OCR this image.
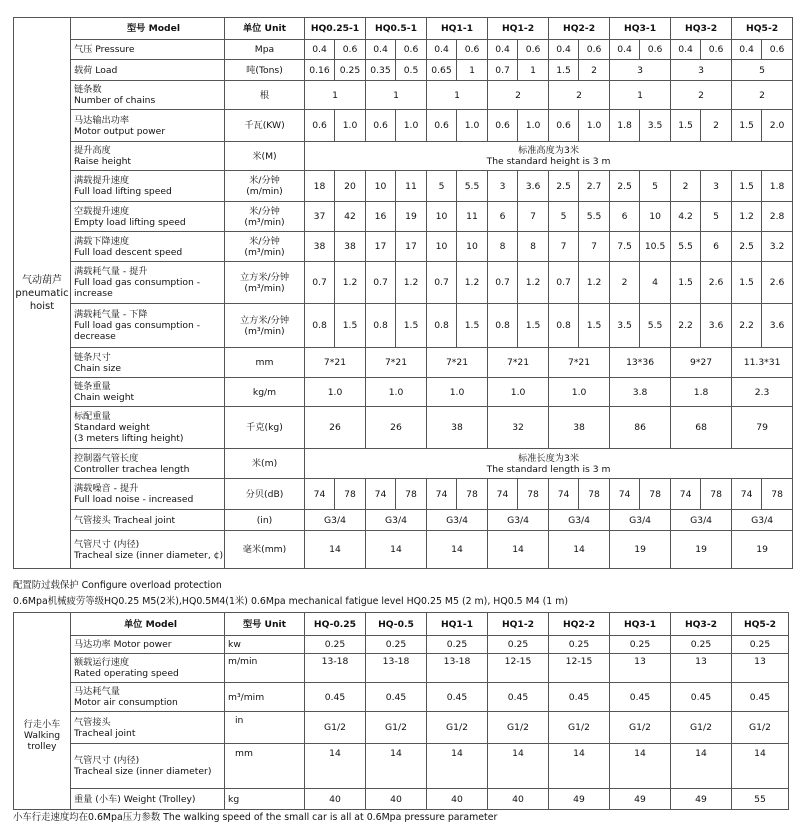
气动葫芦
pneumatic
hoist	型号 Model	单位 Unit	HQ0.25-1		HQ0.5-1		HQ1-1		HQ1-2		HQ2-2		HQ3-1		HQ3-2		HQ5-2	
	气压 Pressure	Mpa	0.4	0.6	0.4	0.6	0.4	0.6	0.4	0.6	0.4	0.6	0.4	0.6	0.4	0.6	0.4	0.6
	载荷 Load	吨(Tons)	0.16	0.25	0.35	0.5	0.65	1	0.7	1	1.5	2	3		3		5	

	链条数
Number of chains	根	1		1		1		2		2		1		2		2	

	马达输出功率
Motor output power	千瓦(KW)	0.6	1.0	0.6	1.0	0.6	1.0	0.6	1.0	0.6	1.0	1.8	3.5	1.5	2	1.5	2.0

	提升高度
Raise height	米(M)	标准高度为3米
The standard height is 3 m															

	满载提升速度
Full load lifting speed	米/分钟
(m/min)	18	20	10	11	5	5.5	3	3.6	2.5	2.7	2.5	5	2	3	1.5	1.8

	空载提升速度
Empty load lifting speed	米/分钟
(m³/min)	37	42	16	19	10	11	6	7	5	5.5	6	10	4.2	5	1.2	2.8

	满载下降速度
Full load descent speed	米/分钟
(m³/min)	38	38	17	17	10	10	8	8	7	7	7.5	10.5	5.5	6	2.5	3.2

	满载耗气量 - 提升
Full load gas consumption -
increase	立方米/分钟
(m³/min)	0.7	1.2	0.7	1.2	0.7	1.2	0.7	1.2	0.7	1.2	2	4	1.5	2.6	1.5	2.6

	满载耗气量 - 下降
Full load gas consumption -
decrease	立方米/分钟
(m³/min)	0.8	1.5	0.8	1.5	0.8	1.5	0.8	1.5	0.8	1.5	3.5	5.5	2.2	3.6	2.2	3.6

	链条尺寸
Chain size	mm	7*21		7*21		7*21		7*21		7*21		13*36		9*27		11.3*31	

	链条重量
Chain weight	kg/m	1.0		1.0		1.0		1.0		1.0		3.8		1.8		2.3	

	标配重量
Standard weight
(3 meters lifting height)	千克(kg)	26		26		38		32		38		86		68		79	

	控制器气管长度
Controller trachea length	米(m)	标准长度为3米
The standard length is 3 m															

	满载噪音 - 提升
Full load noise - increased	分贝(dB)	74	78	74	78	74	78	74	78	74	78	74	78	74	78	74	78
	气管接头 Tracheal joint	(in)	G3/4		G3/4		G3/4		G3/4		G3/4		G3/4		G3/4		G3/4	

	气管尺寸 (内径)
Tracheal size (inner diameter, ¢)	毫米(mm)	14		14		14		14		14		19		19		19	
配置防过载保护 Configure overload protection
0.6Mpa机械疲劳等级HQ0.25 M5(2米),HQ0.5M4(1米) 0.6Mpa mechanical fatigue level HQ0.25 M5 (2 m), HQ0.5 M4 (1 m)
行走小车
Walking
trolley	单位 Model	型号 Unit	HQ-0.25	HQ-0.5	HQ1-1	HQ1-2	HQ2-2	HQ3-1	HQ3-2	HQ5-2
	马达功率 Motor power	kw	0.25	0.25	0.25	0.25	0.25	0.25	0.25	0.25

	额载运行速度
Rated operating speed	m/min	13-18	13-18	13-18	12-15	12-15	13	13	13

	马达耗气量
Motor air consumption	m³/mim	0.45	0.45	0.45	0.45	0.45	0.45	0.45	0.45

	气管接头
Tracheal joint	in	G1/2	G1/2	G1/2	G1/2	G1/2	G1/2	G1/2	G1/2

	气管尺寸 (内径)
Tracheal size (inner diameter)	mm	14	14	14	14	14	14	14	14
	重量 (小车) Weight (Trolley)	kg	40	40	40	40	49	49	49	55
小车行走速度均在0.6Mpa压力参数 The walking speed of the small car is all at 0.6Mpa pressure parameter
